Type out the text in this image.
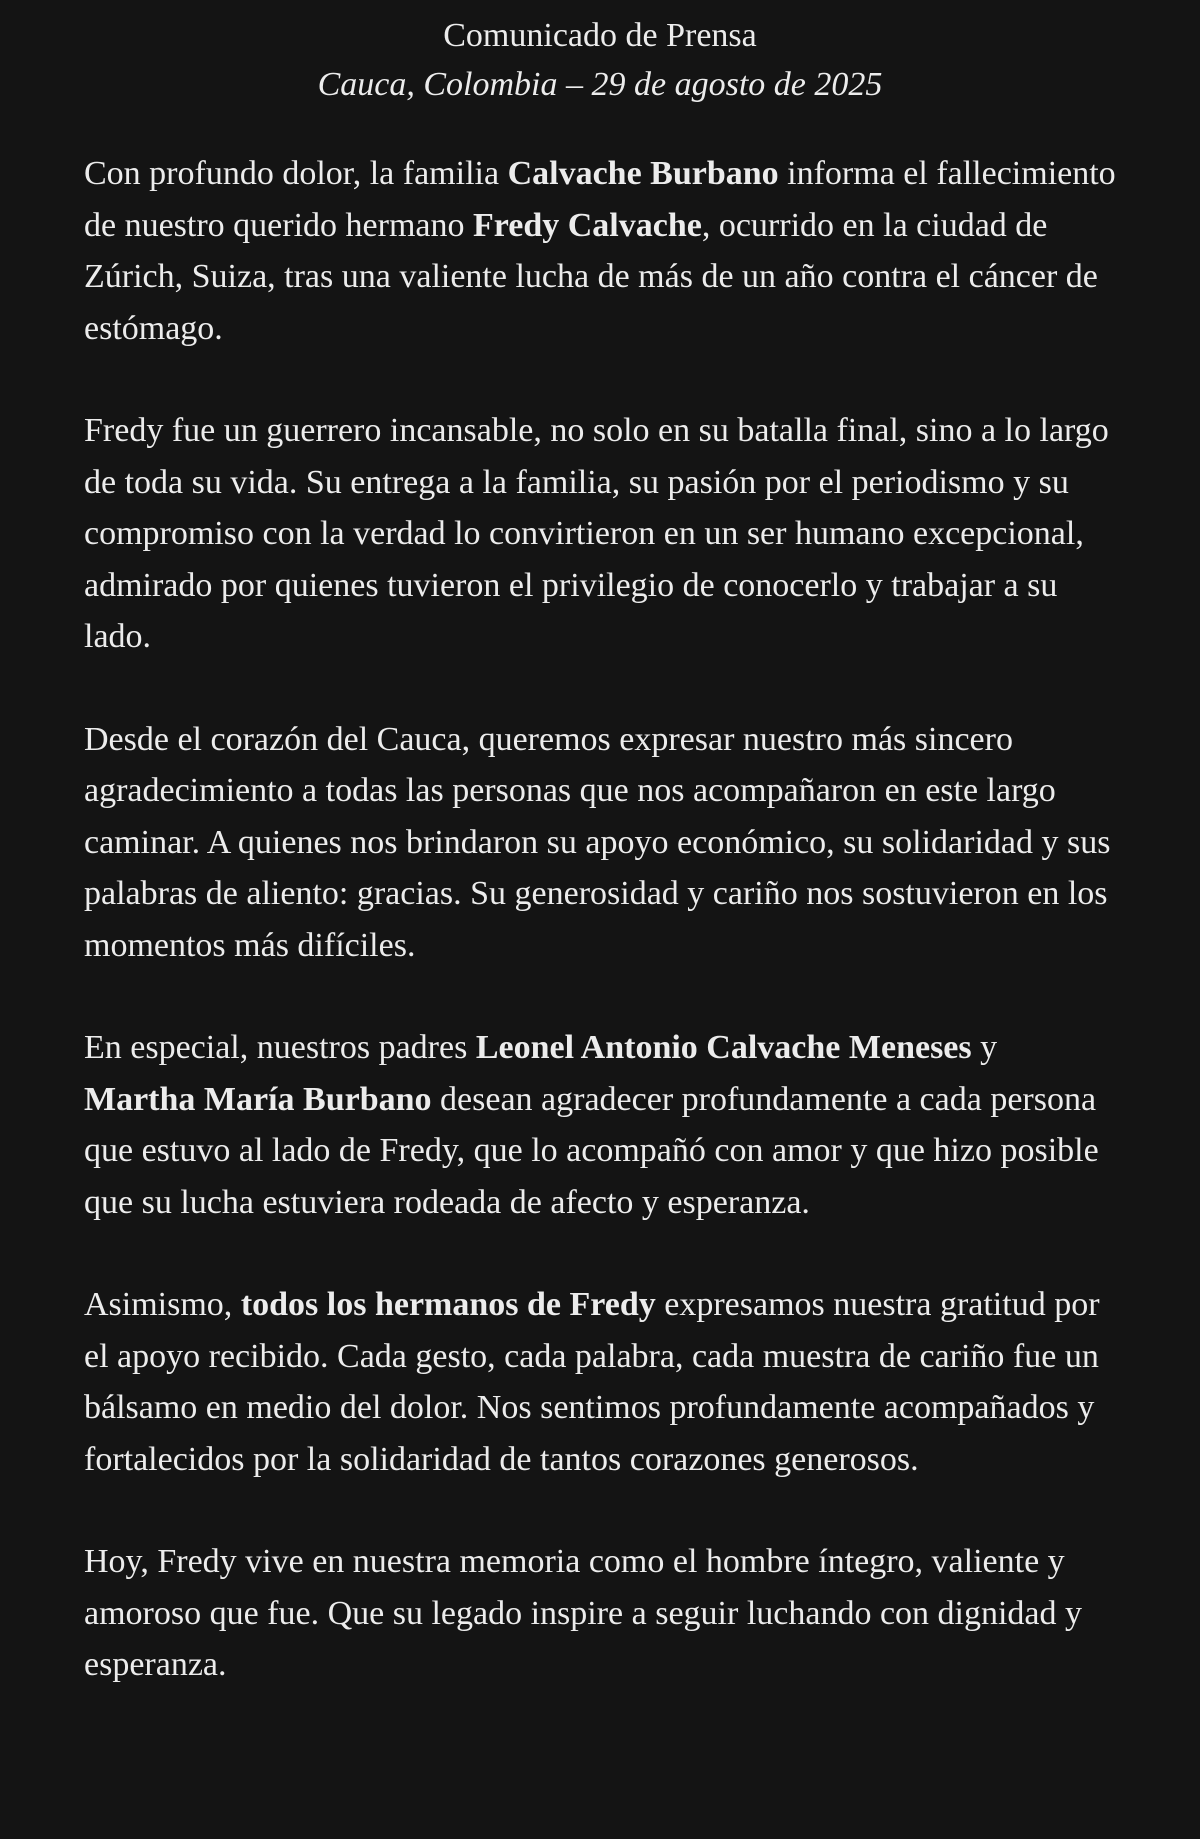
Comunicado de Prensa

Cauca, Colombia – 29 de agosto de 2025

Con profundo dolor, la familia Calvache Burbano informa el fallecimiento de nuestro querido hermano Fredy Calvache, ocurrido en la ciudad de Zúrich, Suiza, tras una valiente lucha de más de un año contra el cáncer de estómago.

Fredy fue un guerrero incansable, no solo en su batalla final, sino a lo largo de toda su vida. Su entrega a la familia, su pasión por el periodismo y su compromiso con la verdad lo convirtieron en un ser humano excepcional, admirado por quienes tuvieron el privilegio de conocerlo y trabajar a su lado.

Desde el corazón del Cauca, queremos expresar nuestro más sincero agradecimiento a todas las personas que nos acompañaron en este largo caminar. A quienes nos brindaron su apoyo económico, su solidaridad y sus palabras de aliento: gracias. Su generosidad y cariño nos sostuvieron en los momentos más difíciles.

En especial, nuestros padres Leonel Antonio Calvache Meneses y Martha María Burbano desean agradecer profundamente a cada persona que estuvo al lado de Fredy, que lo acompañó con amor y que hizo posible que su lucha estuviera rodeada de afecto y esperanza.

Asimismo, todos los hermanos de Fredy expresamos nuestra gratitud por el apoyo recibido. Cada gesto, cada palabra, cada muestra de cariño fue un bálsamo en medio del dolor. Nos sentimos profundamente acompañados y fortalecidos por la solidaridad de tantos corazones generosos.

Hoy, Fredy vive en nuestra memoria como el hombre íntegro, valiente y amoroso que fue. Que su legado inspire a seguir luchando con dignidad y esperanza.
